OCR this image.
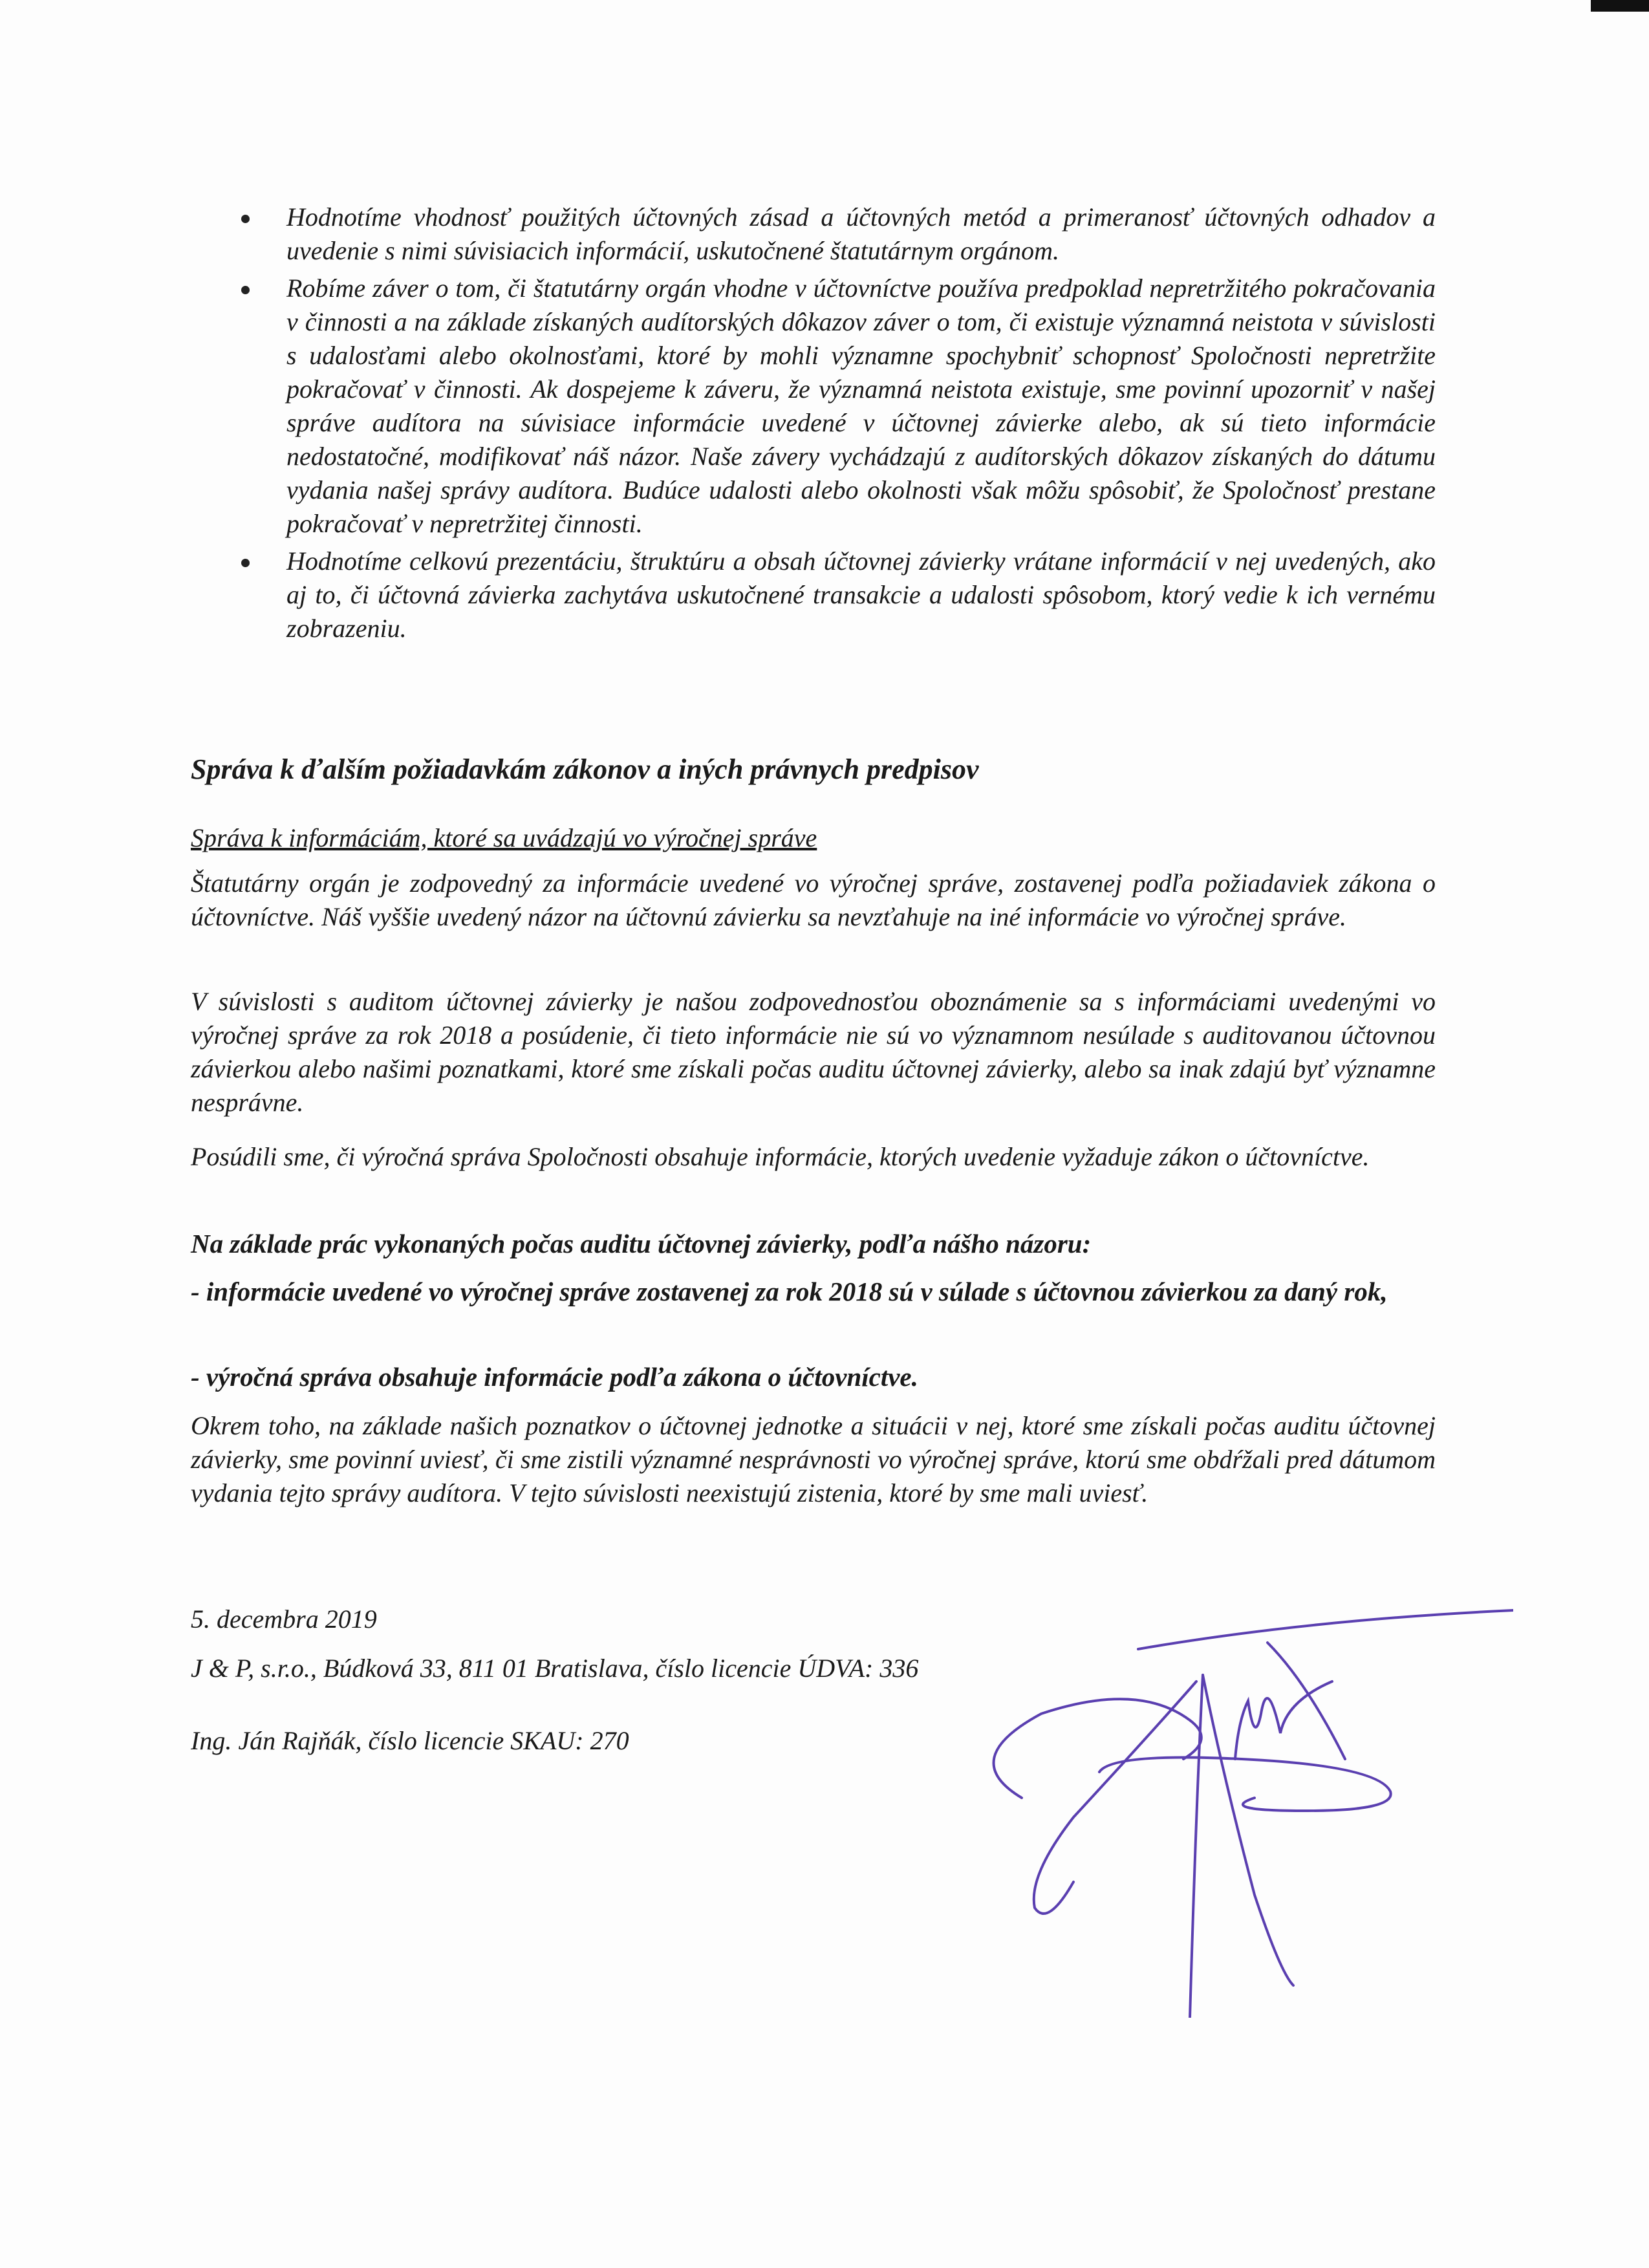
Hodnotíme vhodnosť použitých účtovných zásad a účtovných metód a primeranosť účtovných odhadov a uvedenie s nimi súvisiacich informácií, uskutočnené štatutárnym orgánom.
Robíme záver o tom, či štatutárny orgán vhodne v účtovníctve používa predpoklad nepretržitého pokračovania v činnosti a na základe získaných audítorských dôkazov záver o tom, či existuje významná neistota v súvislosti s udalosťami alebo okolnosťami, ktoré by mohli významne spochybniť schopnosť Spoločnosti nepretržite pokračovať v činnosti. Ak dospejeme k záveru, že významná neistota existuje, sme povinní upozorniť v našej správe audítora na súvisiace informácie uvedené v účtovnej závierke alebo, ak sú tieto informácie nedostatočné, modifikovať náš názor. Naše závery vychádzajú z audítorských dôkazov získaných do dátumu vydania našej správy audítora. Budúce udalosti alebo okolnosti však môžu spôsobiť, že Spoločnosť prestane pokračovať v nepretržitej činnosti.
Hodnotíme celkovú prezentáciu, štruktúru a obsah účtovnej závierky vrátane informácií v nej uvedených, ako aj to, či účtovná závierka zachytáva uskutočnené transakcie a udalosti spôsobom, ktorý vedie k ich vernému zobrazeniu.
Správa k ďalším požiadavkám zákonov a iných právnych predpisov
Správa k informáciám, ktoré sa uvádzajú vo výročnej správe
Štatutárny orgán je zodpovedný za informácie uvedené vo výročnej správe, zostavenej podľa požiadaviek zákona o účtovníctve. Náš vyššie uvedený názor na účtovnú závierku sa nevzťahuje na iné informácie vo výročnej správe.
V súvislosti s auditom účtovnej závierky je našou zodpovednosťou oboznámenie sa s informáciami uvedenými vo výročnej správe za rok 2018 a posúdenie, či tieto informácie nie sú vo významnom nesúlade s auditovanou účtovnou závierkou alebo našimi poznatkami, ktoré sme získali počas auditu účtovnej závierky, alebo sa inak zdajú byť významne nesprávne.
Posúdili sme, či výročná správa Spoločnosti obsahuje informácie, ktorých uvedenie vyžaduje zákon o účtovníctve.
Na základe prác vykonaných počas auditu účtovnej závierky, podľa nášho názoru:
- informácie uvedené vo výročnej správe zostavenej za rok 2018 sú v súlade s účtovnou závierkou za daný rok,
- výročná správa obsahuje informácie podľa zákona o účtovníctve.
Okrem toho, na základe našich poznatkov o účtovnej jednotke a situácii v nej, ktoré sme získali počas auditu účtovnej závierky, sme povinní uviesť, či sme zistili významné nesprávnosti vo výročnej správe, ktorú sme obdŕžali pred dátumom vydania tejto správy audítora. V tejto súvislosti neexistujú zistenia, ktoré by sme mali uviesť.
5. decembra 2019
J & P, s.r.o., Búdková 33, 811 01 Bratislava, číslo licencie ÚDVA: 336
Ing. Ján Rajňák, číslo licencie SKAU: 270
